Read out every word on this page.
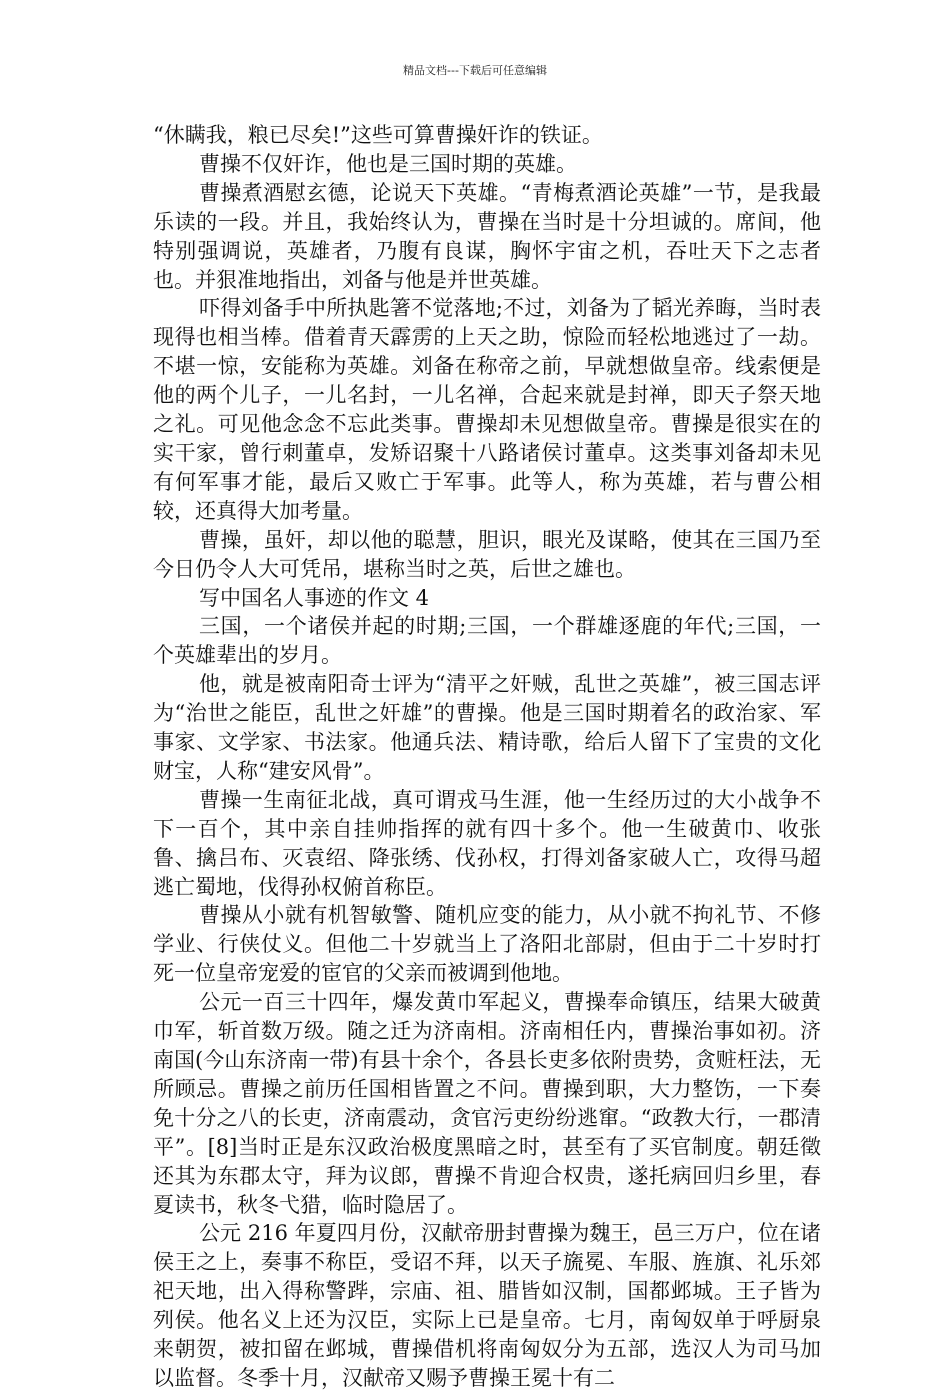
精品文档---下载后可任意编辑

“休瞒我，粮已尽矣!”这些可算曹操奸诈的铁证。

曹操不仅奸诈，他也是三国时期的英雄。

曹操煮酒慰玄德，论说天下英雄。“青梅煮酒论英雄”一节，是我最乐读的一段。并且，我始终认为，曹操在当时是十分坦诚的。席间，他特别强调说，英雄者，乃腹有良谋，胸怀宇宙之机，吞吐天下之志者也。并狠准地指出，刘备与他是并世英雄。

吓得刘备手中所执匙箸不觉落地;不过，刘备为了韬光养晦，当时表现得也相当棒。借着青天霹雳的上天之助，惊险而轻松地逃过了一劫。不堪一惊，安能称为英雄。刘备在称帝之前，早就想做皇帝。线索便是他的两个儿子，一儿名封，一儿名禅，合起来就是封禅，即天子祭天地之礼。可见他念念不忘此类事。曹操却未见想做皇帝。曹操是很实在的实干家，曾行刺董卓，发矫诏聚十八路诸侯讨董卓。这类事刘备却未见有何军事才能，最后又败亡于军事。此等人，称为英雄，若与曹公相较，还真得大加考量。

曹操，虽奸，却以他的聪慧，胆识，眼光及谋略，使其在三国乃至今日仍令人大可凭吊，堪称当时之英，后世之雄也。

写中国名人事迹的作文 4

三国，一个诸侯并起的时期;三国，一个群雄逐鹿的年代;三国，一个英雄辈出的岁月。

他，就是被南阳奇士评为“清平之奸贼，乱世之英雄”，被三国志评为“治世之能臣，乱世之奸雄”的曹操。他是三国时期着名的政治家、军事家、文学家、书法家。他通兵法、精诗歌，给后人留下了宝贵的文化财宝，人称“建安风骨”。

曹操一生南征北战，真可谓戎马生涯，他一生经历过的大小战争不下一百个，其中亲自挂帅指挥的就有四十多个。他一生破黄巾、收张鲁、擒吕布、灭袁绍、降张绣、伐孙权，打得刘备家破人亡，攻得马超逃亡蜀地，伐得孙权俯首称臣。

曹操从小就有机智敏警、随机应变的能力，从小就不拘礼节、不修学业、行侠仗义。但他二十岁就当上了洛阳北部尉，但由于二十岁时打死一位皇帝宠爱的宦官的父亲而被调到他地。

公元一百三十四年，爆发黄巾军起义，曹操奉命镇压，结果大破黄巾军，斩首数万级。随之迁为济南相。济南相任内，曹操治事如初。济南国(今山东济南一带)有县十余个，各县长吏多依附贵势，贪赃枉法，无所顾忌。曹操之前历任国相皆置之不问。曹操到职，大力整饬，一下奏免十分之八的长吏，济南震动，贪官污吏纷纷逃窜。“政教大行，一郡清平”。[8]当时正是东汉政治极度黑暗之时，甚至有了买官制度。朝廷徵还其为东郡太守，拜为议郎，曹操不肯迎合权贵，遂托病回归乡里，春夏读书，秋冬弋猎，临时隐居了。

公元 216 年夏四月份，汉献帝册封曹操为魏王，邑三万户，位在诸侯王之上，奏事不称臣，受诏不拜，以天子旒冕、车服、旌旗、礼乐郊祀天地，出入得称警跸，宗庙、祖、腊皆如汉制，国都邺城。王子皆为列侯。他名义上还为汉臣，实际上已是皇帝。七月，南匈奴单于呼厨泉来朝贺，被扣留在邺城，曹操借机将南匈奴分为五部，选汉人为司马加以监督。冬季十月，汉献帝又赐予曹操王冕十有二
